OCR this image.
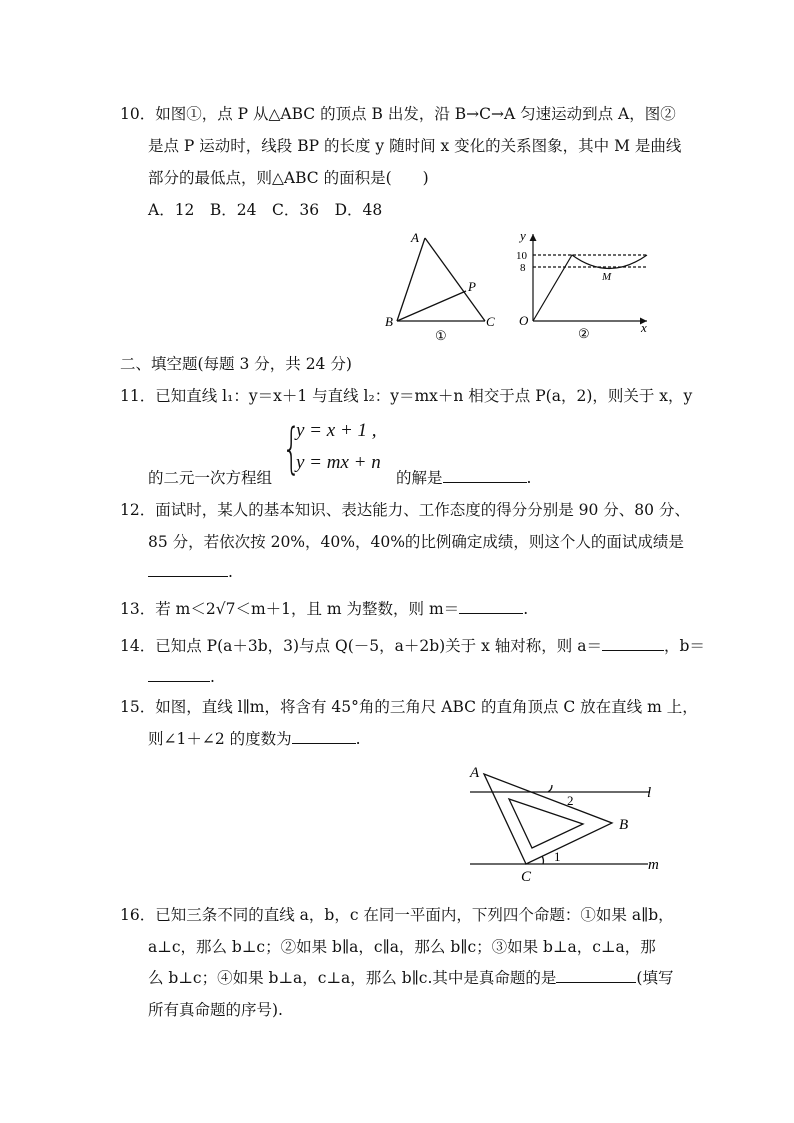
10．如图①，点 P 从△ABC 的顶点 B 出发，沿 B→C→A 匀速运动到点 A，图②
是点 P 运动时，线段 BP 的长度 y 随时间 x 变化的关系图象，其中 M 是曲线
部分的最低点，则△ABC 的面积是(　　)
A．12　B．24　C．36　D．48
A
B	C
P
①
y
x
O
10
8
M
②
二、填空题(每题 3 分，共 24 分)
11．已知直线 l₁：y＝x＋1 与直线 l₂：y＝mx＋n 相交于点 P(a，2)，则关于 x，y
{
y = x + 1 ,
y = mx + n
的二元一次方程组	的解是	.
12．面试时，某人的基本知识、表达能力、工作态度的得分分别是 90 分、80 分、
85 分，若依次按 20%，40%，40%的比例确定成绩，则这个人的面试成绩是
.
13．若 m＜2√7＜m＋1，且 m 为整数，则 m＝	.
14．已知点 P(a＋3b，3)与点 Q(－5，a＋2b)关于 x 轴对称，则 a＝	，b＝
.
15．如图，直线 l∥m，将含有 45°角的三角尺 ABC 的直角顶点 C 放在直线 m 上，
则∠1＋∠2 的度数为	.
A
B
C
l
m
2
1
16．已知三条不同的直线 a，b，c 在同一平面内，下列四个命题：①如果 a∥b，
a⊥c，那么 b⊥c；②如果 b∥a，c∥a，那么 b∥c；③如果 b⊥a，c⊥a，那
么 b⊥c；④如果 b⊥a，c⊥a，那么 b∥c.其中是真命题的是	(填写
所有真命题的序号).
